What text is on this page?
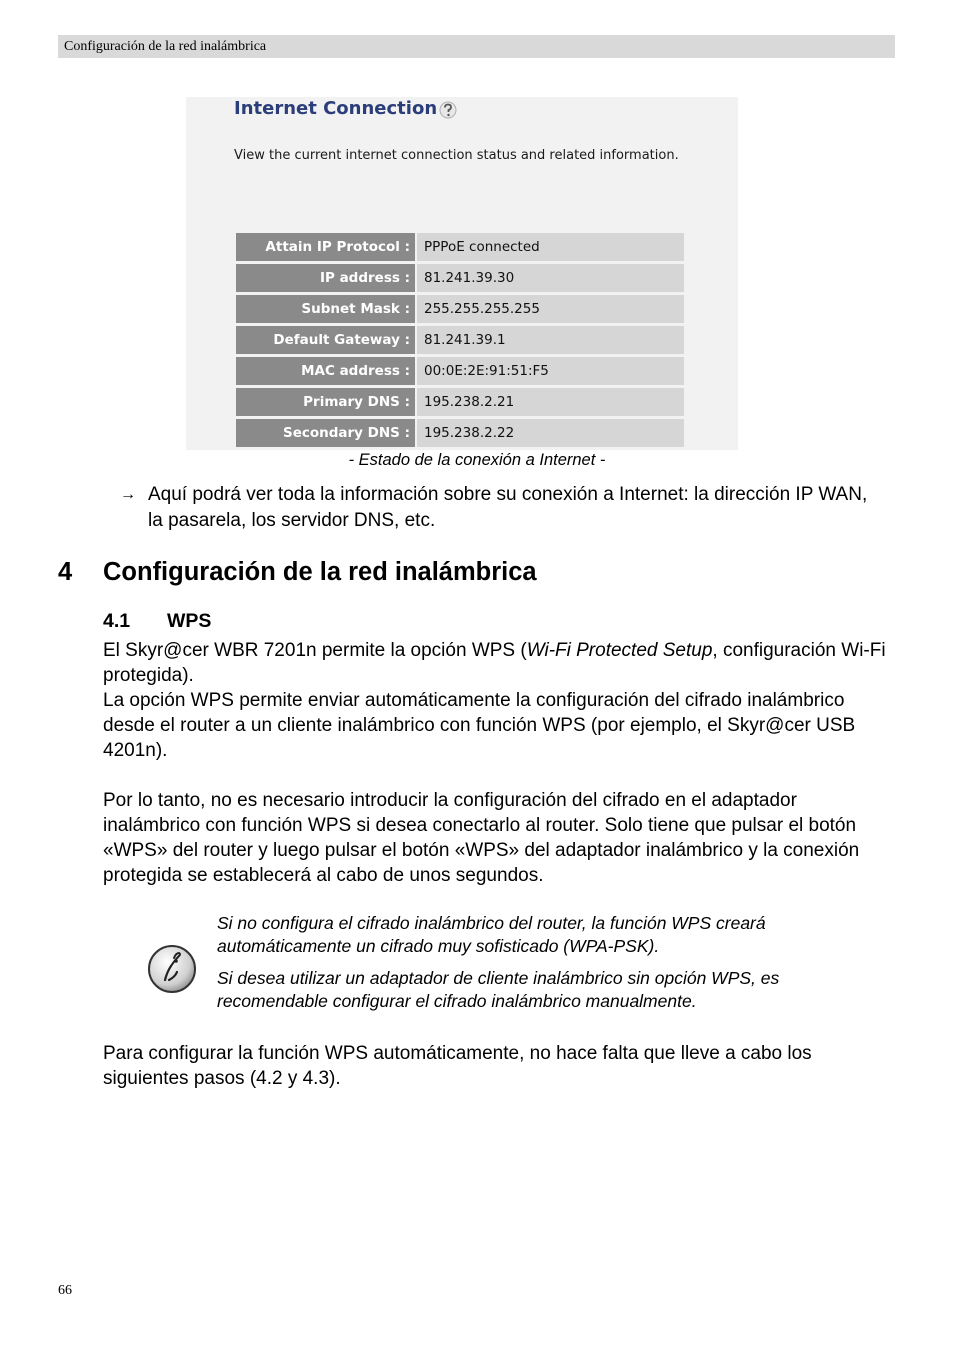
Configuración de la red inalámbrica
Internet Connection
View the current internet connection status and related information.
Attain IP Protocol :	PPPoE connected
IP address :	81.241.39.30
Subnet Mask :	255.255.255.255
Default Gateway :	81.241.39.1
MAC address :	00:0E:2E:91:51:F5
Primary DNS :	195.238.2.21
Secondary DNS :	195.238.2.22
- Estado de la conexión a Internet -
→ Aquí podrá ver toda la información sobre su conexión a Internet: la dirección IP WAN, la pasarela, los servidor DNS, etc.
4 Configuración de la red inalámbrica
4.1 WPS
El Skyr@cer WBR 7201n permite la opción WPS (Wi-Fi Protected Setup, configuración Wi-Fi protegida).
La opción WPS permite enviar automáticamente la configuración del cifrado inalámbrico desde el router a un cliente inalámbrico con función WPS (por ejemplo, el Skyr@cer USB 4201n).
Por lo tanto, no es necesario introducir la configuración del cifrado en el adaptador inalámbrico con función WPS si desea conectarlo al router. Solo tiene que pulsar el botón «WPS» del router y luego pulsar el botón «WPS» del adaptador inalámbrico y la conexión protegida se establecerá al cabo de unos segundos.
Si no configura el cifrado inalámbrico del router, la función WPS creará automáticamente un cifrado muy sofisticado (WPA-PSK).
Si desea utilizar un adaptador de cliente inalámbrico sin opción WPS, es recomendable configurar el cifrado inalámbrico manualmente.
Para configurar la función WPS automáticamente, no hace falta que lleve a cabo los siguientes pasos (4.2 y 4.3).
66
